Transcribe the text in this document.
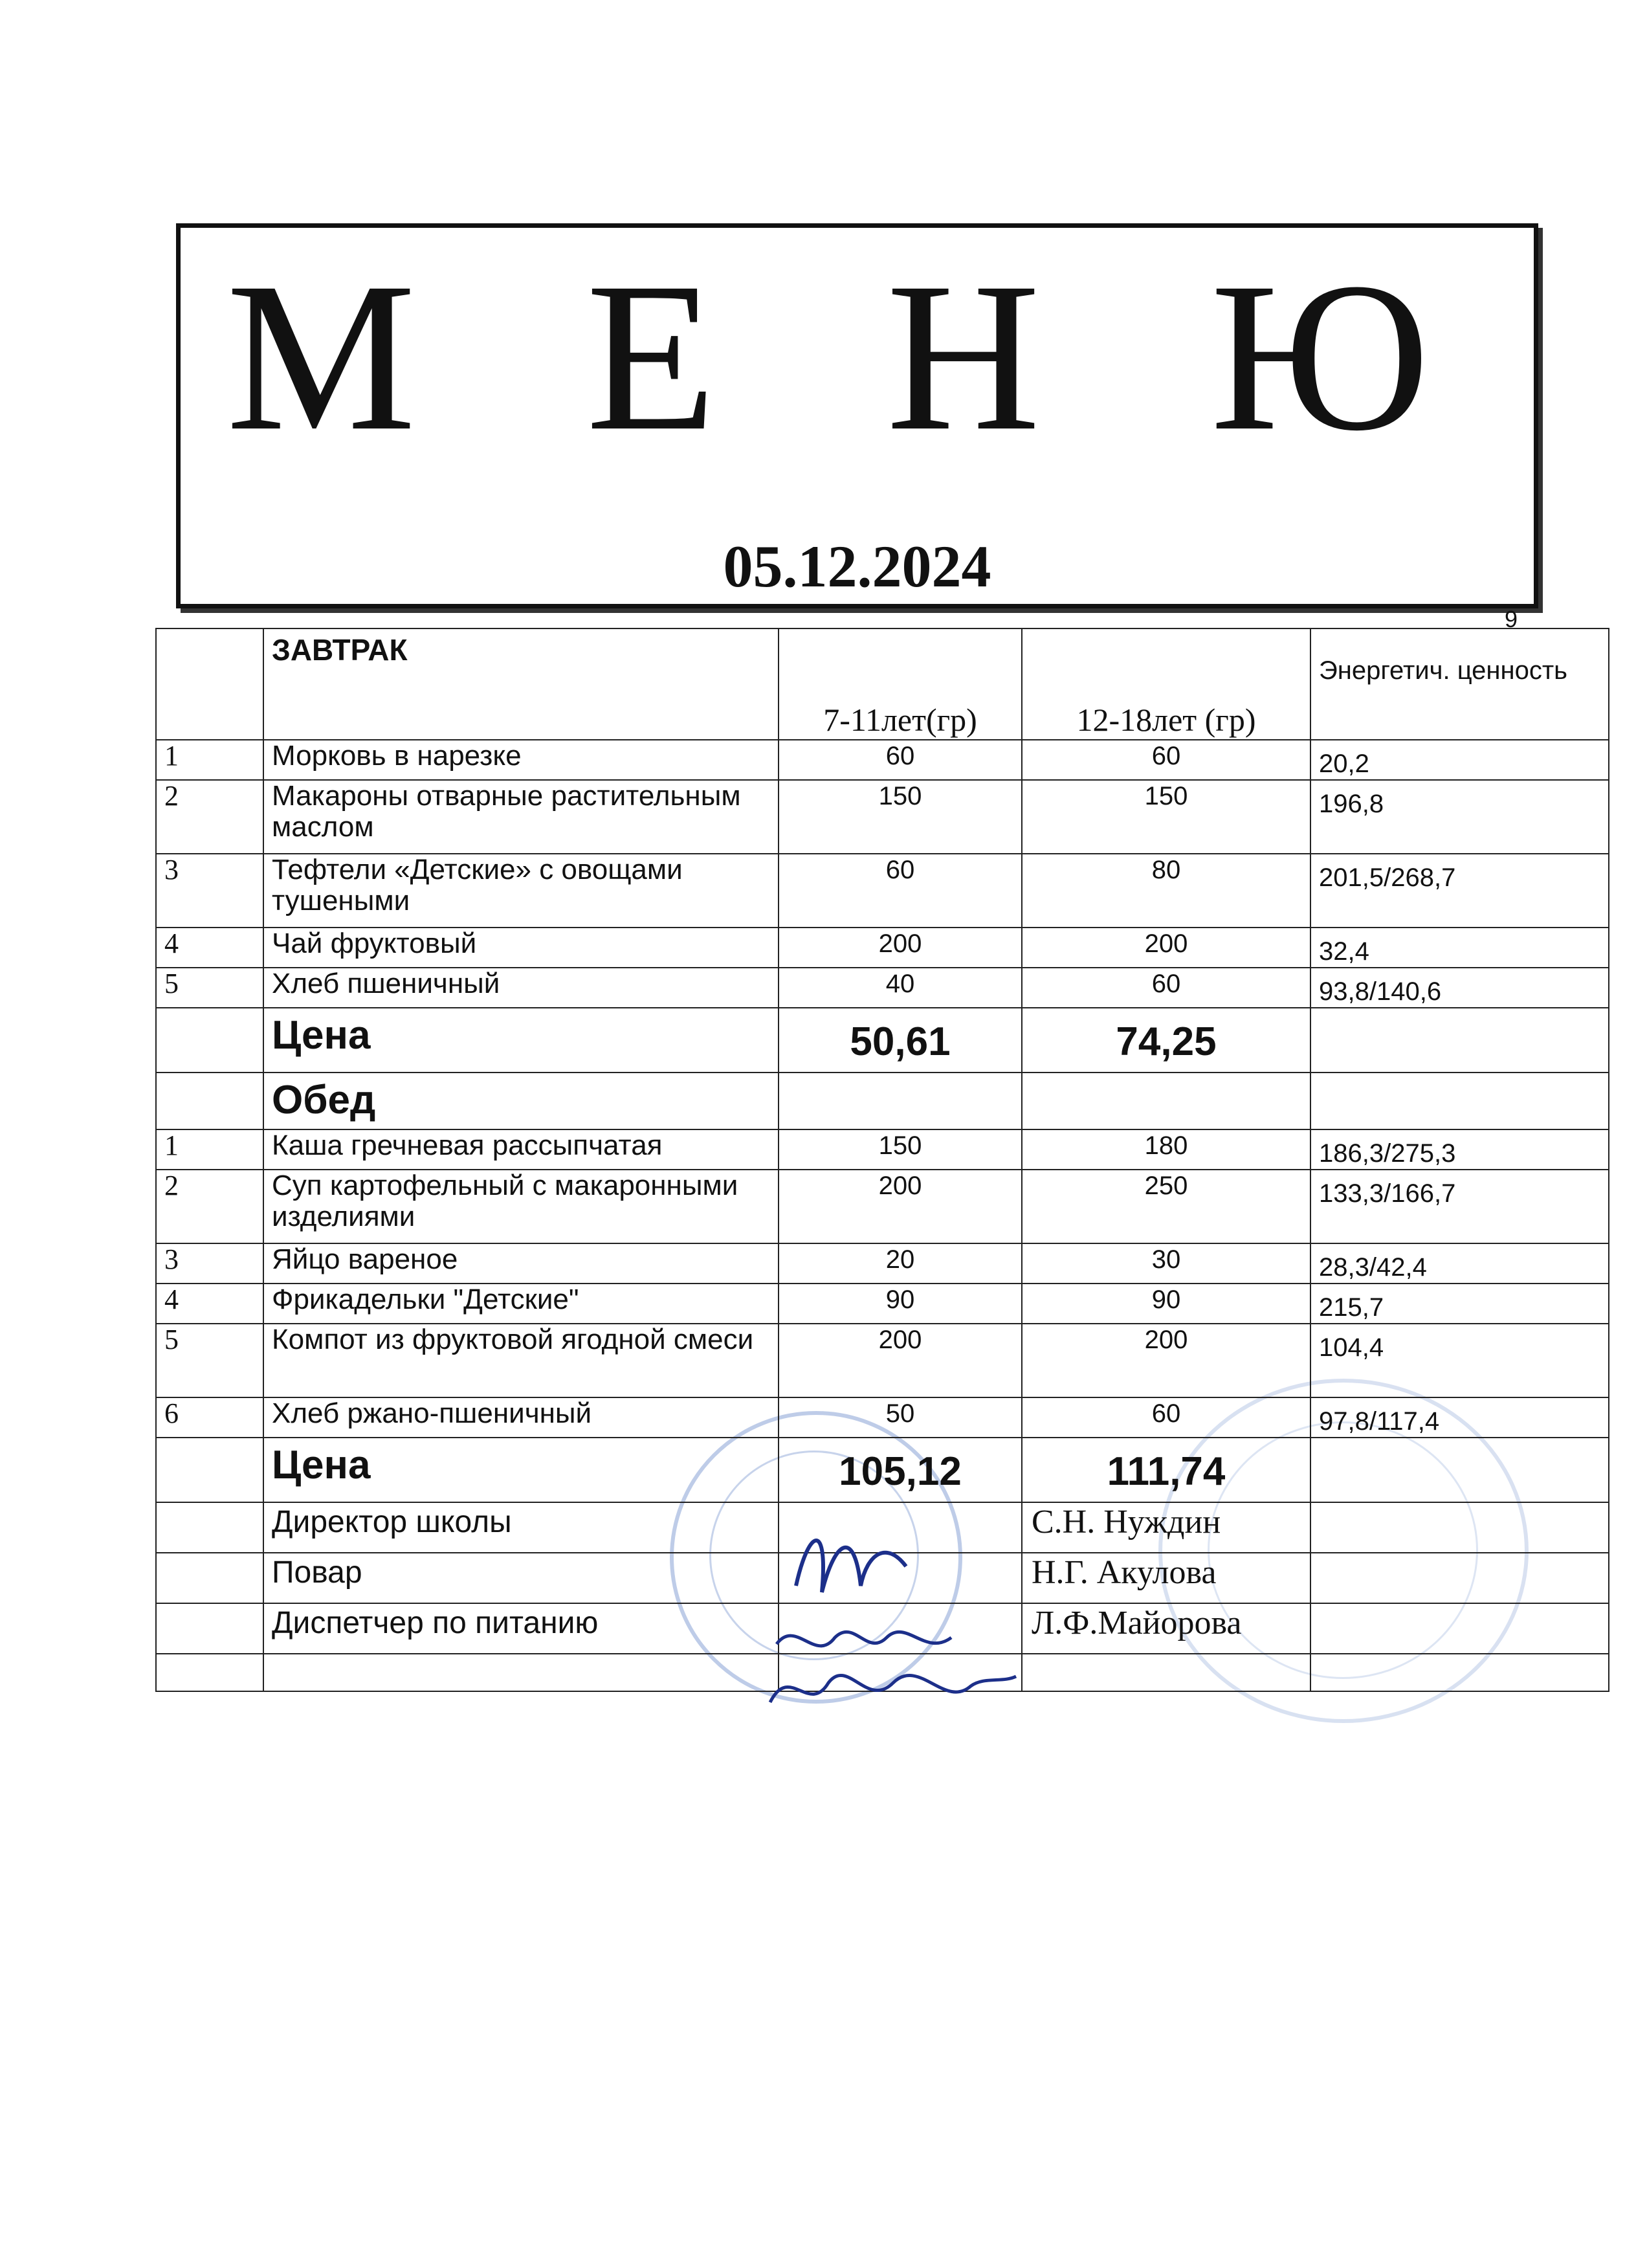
М Е Н Ю
05.12.2024
9
	ЗАВТРАК	7-11лет(гр)	12-18лет (гр)	Энергетич. ценность
1	Морковь в нарезке	60	60	20,2
2	Макароны отварные растительным маслом	150	150	196,8
3	Тефтели «Детские» с овощами тушеными	60	80	201,5/268,7
4	Чай фруктовый	200	200	32,4
5	Хлеб пшеничный	40	60	93,8/140,6
	Цена	50,61	74,25	
	Обед			
1	Каша гречневая рассыпчатая	150	180	186,3/275,3
2	Суп картофельный с макаронными изделиями	200	250	133,3/166,7
3	Яйцо вареное	20	30	28,3/42,4
4	Фрикадельки "Детские"	90	90	215,7
5	Компот из фруктовой ягодной смеси	200	200	104,4
6	Хлеб ржано-пшеничный	50	60	97,8/117,4
	Цена	105,12	111,74	
	Директор школы		С.Н. Нуждин	
	Повар		Н.Г. Акулова	
	Диспетчер по питанию		Л.Ф.Майорова	
